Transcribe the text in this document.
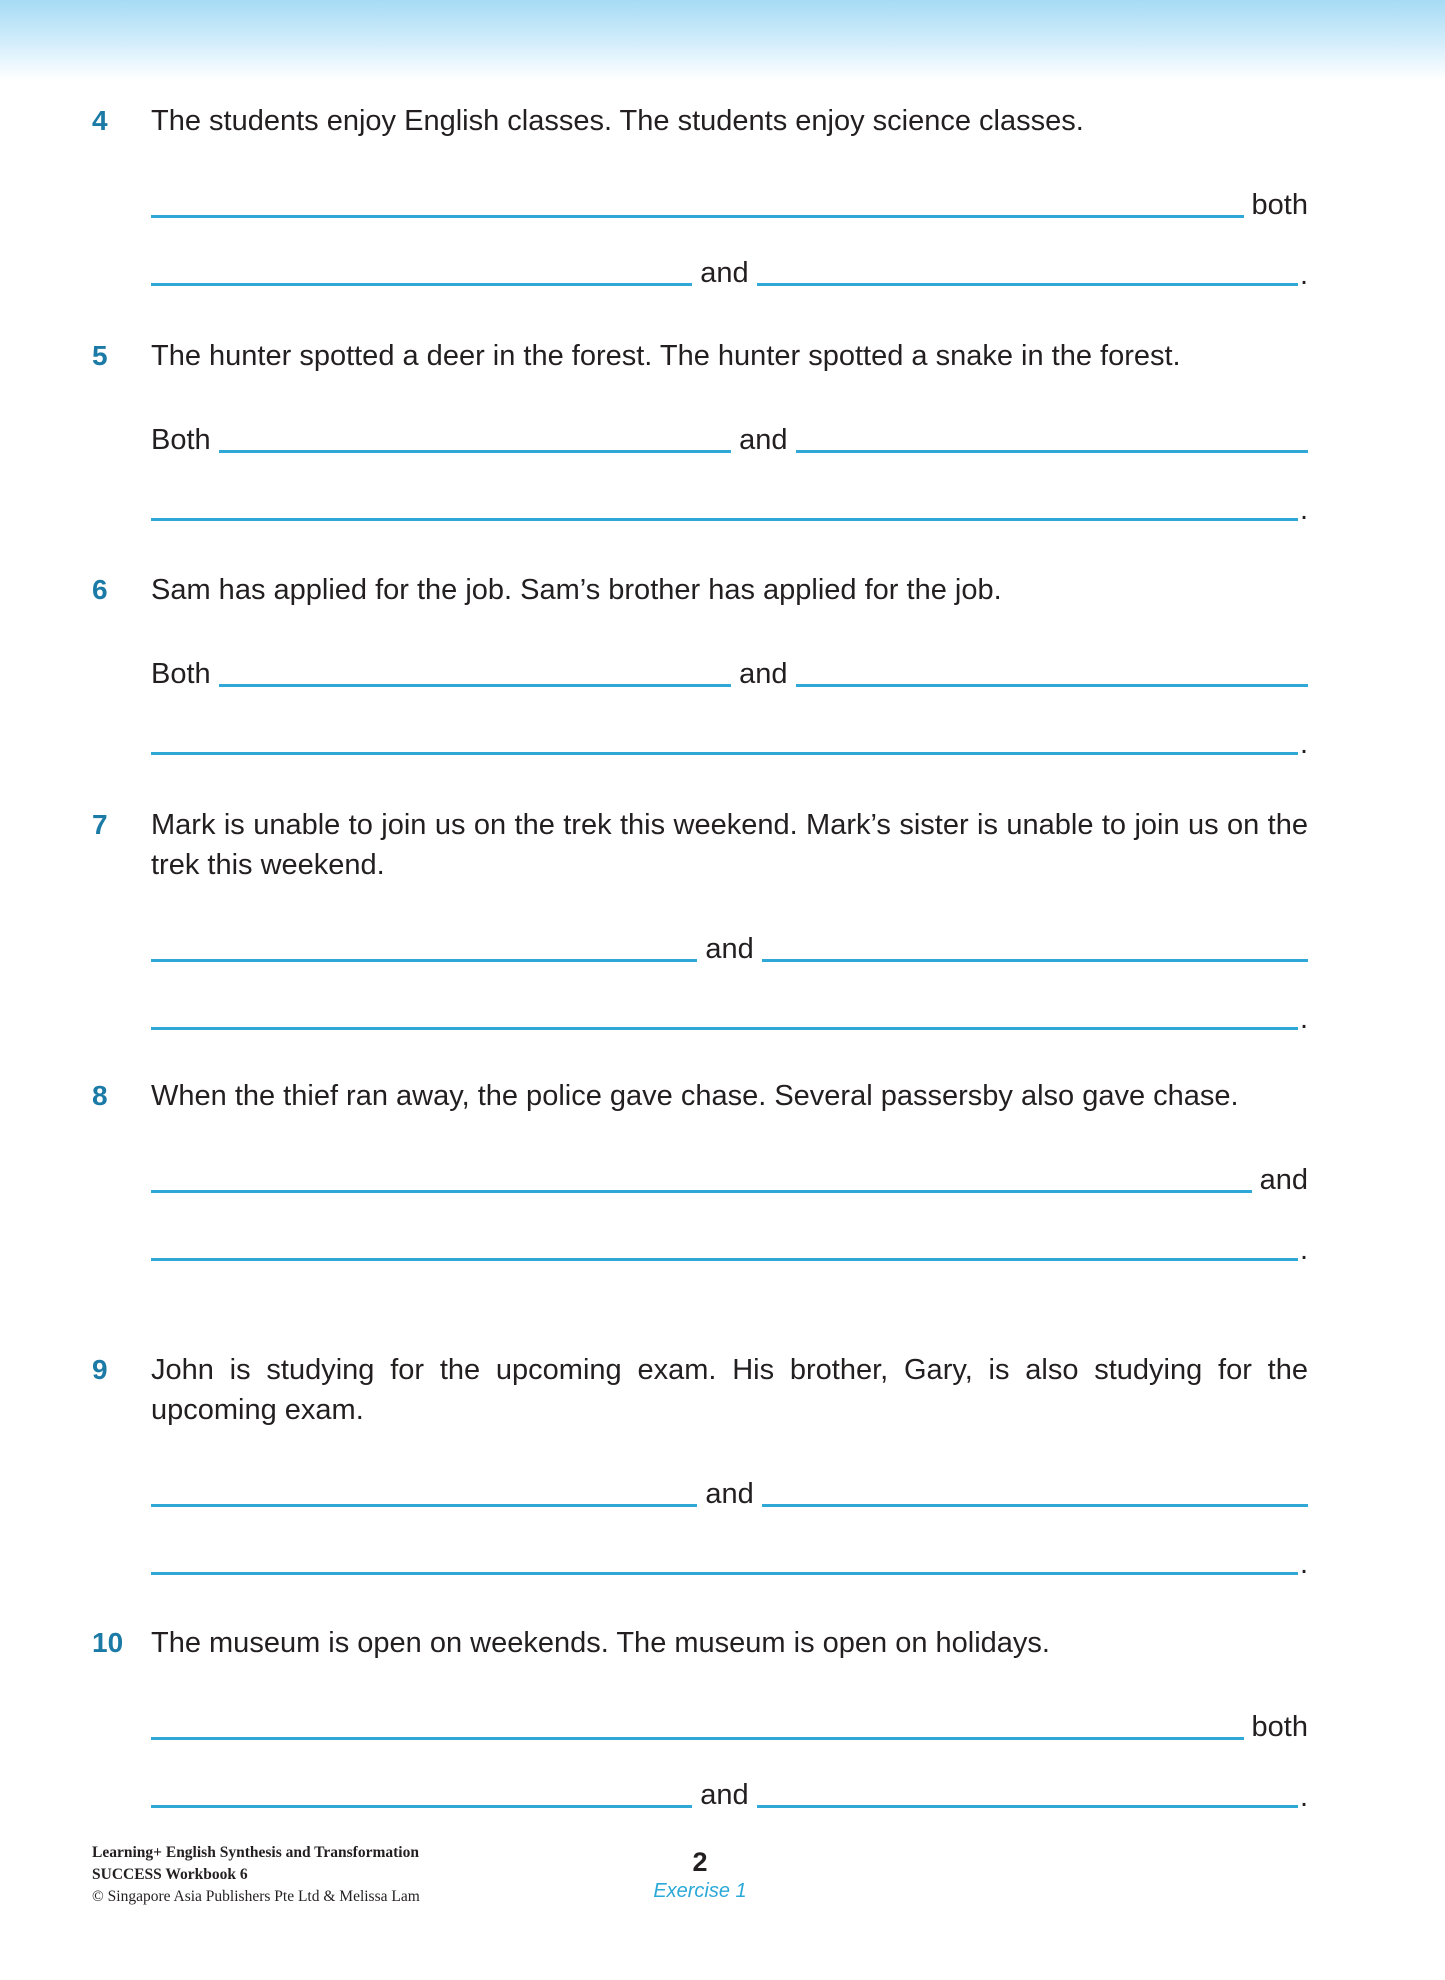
4 The students enjoy English classes. The students enjoy science classes.
both
and	.
5 The hunter spotted a deer in the forest. The hunter spotted a snake in the forest.
Both	and
.
6 Sam has applied for the job. Sam’s brother has applied for the job.
Both	and
.
7 Mark is unable to join us on the trek this weekend. Mark’s sister is unable to join us on the trek this weekend.
and
.
8 When the thief ran away, the police gave chase. Several passersby also gave chase.
and
.
9 John is studying for the upcoming exam. His brother, Gary, is also studying for the upcoming exam.
and
.
10 The museum is open on weekends. The museum is open on holidays.
both
and	.
Learning+ English Synthesis and Transformation
SUCCESS Workbook 6
© Singapore Asia Publishers Pte Ltd & Melissa Lam
2
Exercise 1
